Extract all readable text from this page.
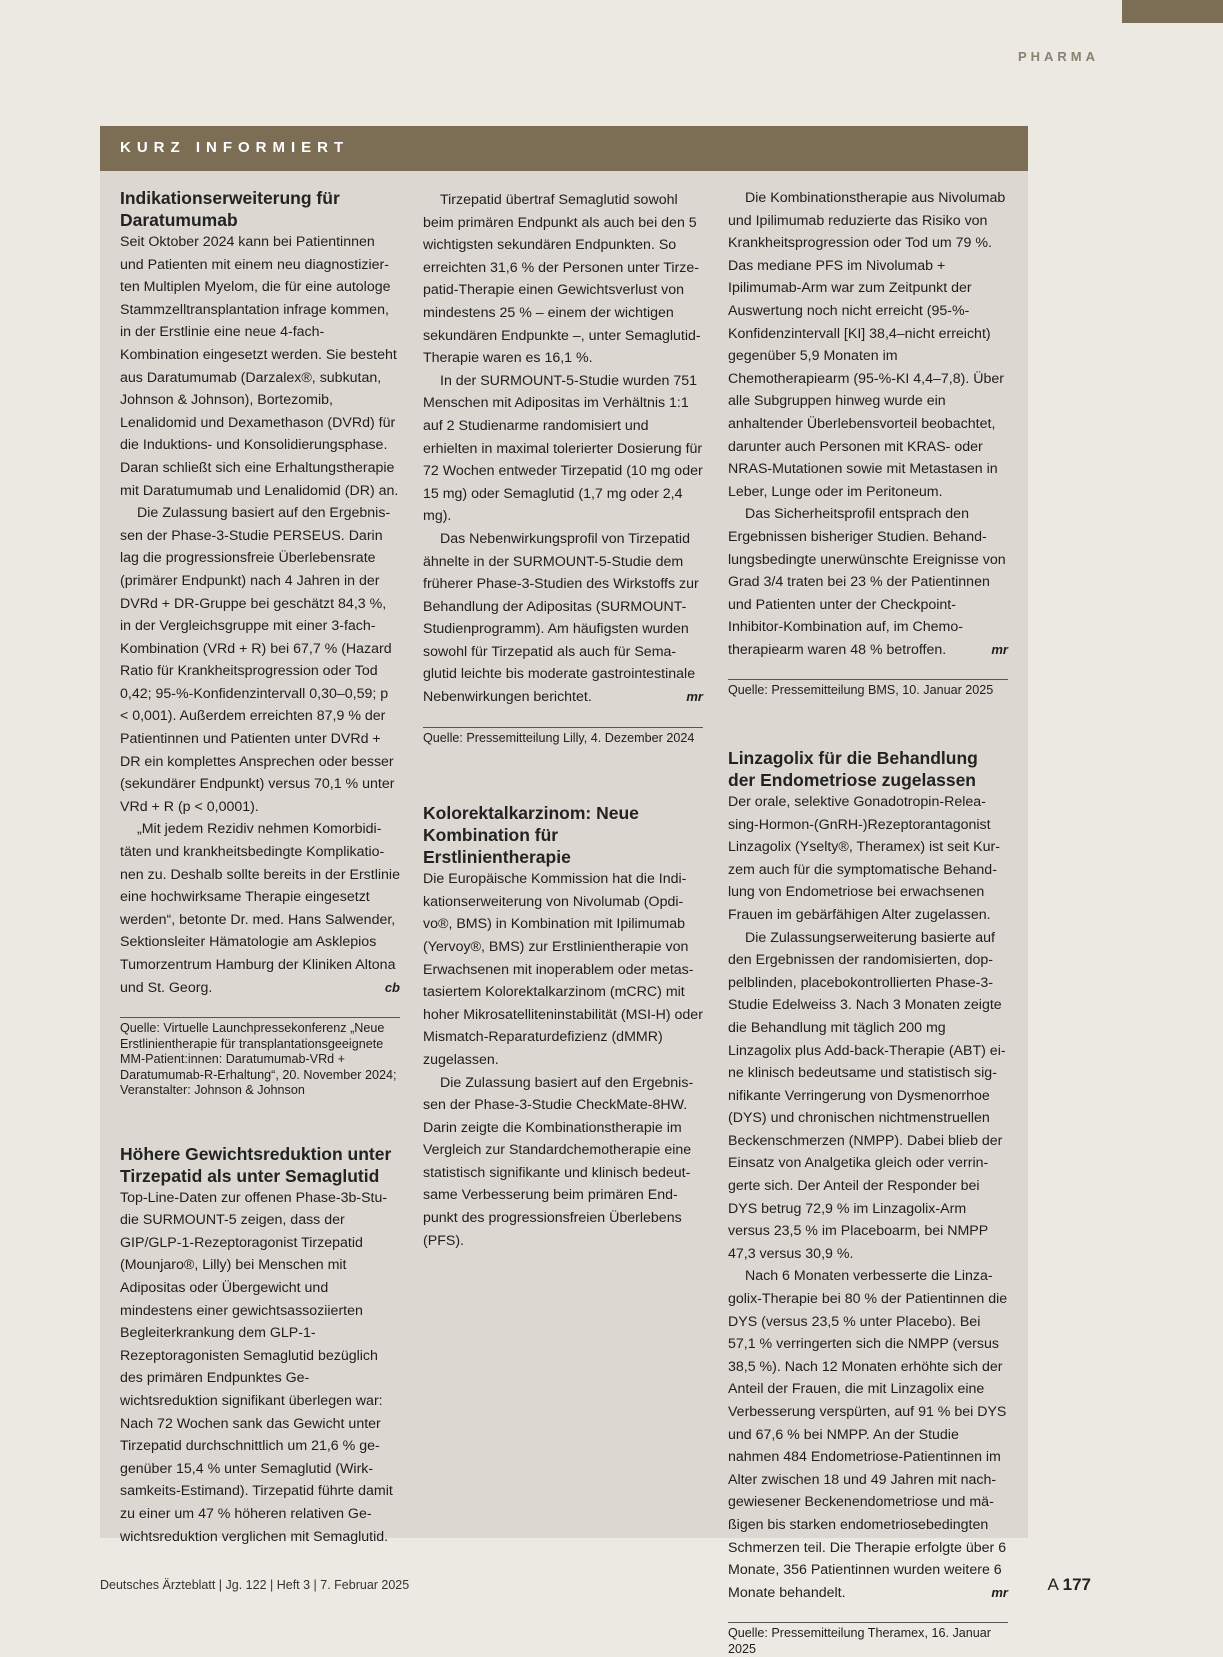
PHARMA
KURZ INFORMIERT
Indikationserweiterung für Daratumumab

Seit Oktober 2024 kann bei Patientinnen und Patienten mit einem neu diagnostizierten Multiplen Myelom, die für eine autologe Stammzelltransplantation infrage kommen, in der Erstlinie eine neue 4-fach-Kombination eingesetzt werden. Sie besteht aus Daratumumab (Darzalex®, subkutan, Johnson & Johnson), Bortezomib, Lenalidomid und Dexamethason (DVRd) für die Induktions- und Konsolidierungsphase. Daran schließt sich eine Erhaltungstherapie mit Daratumumab und Lenalidomid (DR) an.

Die Zulassung basiert auf den Ergebnissen der Phase-3-Studie PERSEUS. Darin lag die progressionsfreie Überlebensrate (primärer Endpunkt) nach 4 Jahren in der DVRd + DR-Gruppe bei geschätzt 84,3 %, in der Vergleichsgruppe mit einer 3-fach-Kombination (VRd + R) bei 67,7 % (Hazard Ratio für Krankheitsprogression oder Tod 0,42; 95-%-Konfidenzintervall 0,30–0,59; p < 0,001). Außerdem erreichten 87,9 % der Patientinnen und Patienten unter DVRd + DR ein komplettes Ansprechen oder besser (sekundärer Endpunkt) versus 70,1 % unter VRd + R (p < 0,0001).

„Mit jedem Rezidiv nehmen Komorbiditäten und krankheitsbedingte Komplikationen zu. Deshalb sollte bereits in der Erstlinie eine hochwirksame Therapie eingesetzt werden“, betonte Dr. med. Hans Salwender, Sektionsleiter Hämatologie am Asklepios Tumorzentrum Hamburg der Kliniken Altona und St. Georg.	cb

Quelle: Virtuelle Launchpressekonferenz „Neue Erstlinientherapie für transplantationsgeeignete MM-Patient:innen: Daratumumab-VRd + Daratumumab-R-Erhaltung“, 20. November 2024; Veranstalter: Johnson & Johnson
Höhere Gewichtsreduktion unter Tirzepatid als unter Semaglutid

Top-Line-Daten zur offenen Phase-3b-Studie SURMOUNT-5 zeigen, dass der GIP/GLP-1-Rezeptoragonist Tirzepatid (Mounjaro®, Lilly) bei Menschen mit Adipositas oder Übergewicht und mindestens einer gewichtsassoziierten Begleiterkrankung dem GLP-1-Rezeptoragonisten Semaglutid bezüglich des primären Endpunktes Gewichtsreduktion signifikant überlegen war: Nach 72 Wochen sank das Gewicht unter Tirzepatid durchschnittlich um 21,6 % gegenüber 15,4 % unter Semaglutid (Wirksamkeits-Estimand). Tirzepatid führte damit zu einer um 47 % höheren relativen Gewichtsreduktion verglichen mit Semaglutid.

Tirzepatid übertraf Semaglutid sowohl beim primären Endpunkt als auch bei den 5 wichtigsten sekundären Endpunkten. So erreichten 31,6 % der Personen unter Tirzepatid-Therapie einen Gewichtsverlust von mindestens 25 % – einem der wichtigen sekundären Endpunkte –, unter Semaglutid-Therapie waren es 16,1 %.

In der SURMOUNT-5-Studie wurden 751 Menschen mit Adipositas im Verhältnis 1:1 auf 2 Studienarme randomisiert und erhielten in maximal tolerierter Dosierung für 72 Wochen entweder Tirzepatid (10 mg oder 15 mg) oder Semaglutid (1,7 mg oder 2,4 mg).

Das Nebenwirkungsprofil von Tirzepatid ähnelte in der SURMOUNT-5-Studie dem früherer Phase-3-Studien des Wirkstoffs zur Behandlung der Adipositas (SURMOUNT-Studienprogramm). Am häufigsten wurden sowohl für Tirzepatid als auch für Semaglutid leichte bis moderate gastrointestinale Nebenwirkungen berichtet.	mr

Quelle: Pressemitteilung Lilly, 4. Dezember 2024
Kolorektalkarzinom: Neue Kombination für Erstlinientherapie

Die Europäische Kommission hat die Indikationserweiterung von Nivolumab (Opdivo®, BMS) in Kombination mit Ipilimumab (Yervoy®, BMS) zur Erstlinientherapie von Erwachsenen mit inoperablem oder metastasiertem Kolorektalkarzinom (mCRC) mit hoher Mikrosatelliteninstabilität (MSI-H) oder Mismatch-Reparaturdefizienz (dMMR) zugelassen.

Die Zulassung basiert auf den Ergebnissen der Phase-3-Studie CheckMate-8HW. Darin zeigte die Kombinationstherapie im Vergleich zur Standardchemotherapie eine statistisch signifikante und klinisch bedeutsame Verbesserung beim primären Endpunkt des progressionsfreien Überlebens (PFS).

Die Kombinationstherapie aus Nivolumab und Ipilimumab reduzierte das Risiko von Krankheitsprogression oder Tod um 79 %. Das mediane PFS im Nivolumab + Ipilimumab-Arm war zum Zeitpunkt der Auswertung noch nicht erreicht (95-%-Konfidenzintervall [KI] 38,4–nicht erreicht) gegenüber 5,9 Monaten im Chemotherapiearm (95-%-KI 4,4–7,8). Über alle Subgruppen hinweg wurde ein anhaltender Überlebensvorteil beobachtet, darunter auch Personen mit KRAS- oder NRAS-Mutationen sowie mit Metastasen in Leber, Lunge oder im Peritoneum.

Das Sicherheitsprofil entsprach den Ergebnissen bisheriger Studien. Behandlungsbedingte unerwünschte Ereignisse von Grad 3/4 traten bei 23 % der Patientinnen und Patienten unter der Checkpoint-Inhibitor-Kombination auf, im Chemotherapiearm waren 48 % betroffen.	mr

Quelle: Pressemitteilung BMS, 10. Januar 2025
Linzagolix für die Behandlung der Endometriose zugelassen

Der orale, selektive Gonadotropin-Releasing-Hormon-(GnRH-)Rezeptorantagonist Linzagolix (Yselty®, Theramex) ist seit Kurzem auch für die symptomatische Behandlung von Endometriose bei erwachsenen Frauen im gebärfähigen Alter zugelassen.

Die Zulassungserweiterung basierte auf den Ergebnissen der randomisierten, doppelblinden, placebokontrollierten Phase-3-Studie Edelweiss 3. Nach 3 Monaten zeigte die Behandlung mit täglich 200 mg Linzagolix plus Add-back-Therapie (ABT) eine klinisch bedeutsame und statistisch signifikante Verringerung von Dysmenorrhoe (DYS) und chronischen nichtmenstruellen Beckenschmerzen (NMPP). Dabei blieb der Einsatz von Analgetika gleich oder verringerte sich. Der Anteil der Responder bei DYS betrug 72,9 % im Linzagolix-Arm versus 23,5 % im Placeboarm, bei NMPP 47,3 versus 30,9 %.

Nach 6 Monaten verbesserte die Linzagolix-Therapie bei 80 % der Patientinnen die DYS (versus 23,5 % unter Placebo). Bei 57,1 % verringerten sich die NMPP (versus 38,5 %). Nach 12 Monaten erhöhte sich der Anteil der Frauen, die mit Linzagolix eine Verbesserung verspürten, auf 91 % bei DYS und 67,6 % bei NMPP. An der Studie nahmen 484 Endometriose-Patientinnen im Alter zwischen 18 und 49 Jahren mit nachgewiesener Beckenendometriose und mäßigen bis starken endometriosebedingten Schmerzen teil. Die Therapie erfolgte über 6 Monate, 356 Patientinnen wurden weitere 6 Monate behandelt.	mr

Quelle: Pressemitteilung Theramex, 16. Januar 2025
Deutsches Ärzteblatt | Jg. 122 | Heft 3 | 7. Februar 2025	A 177
